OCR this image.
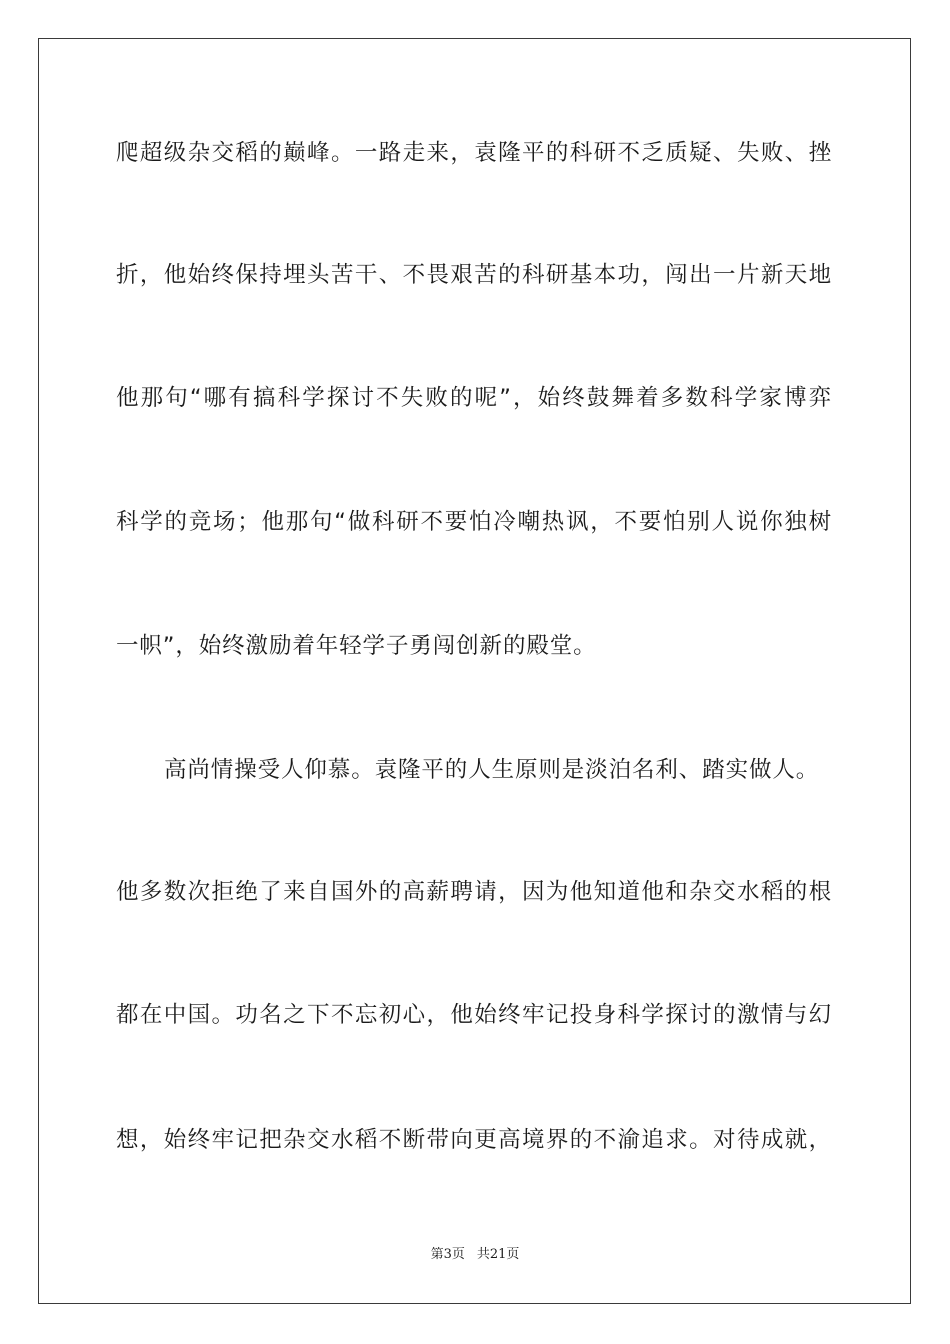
爬超级杂交稻的巅峰。一路走来，袁隆平的科研不乏质疑、失败、挫
折，他始终保持埋头苦干、不畏艰苦的科研基本功，闯出一片新天地
他那句“哪有搞科学探讨不失败的呢”，始终鼓舞着多数科学家博弈
科学的竞场；他那句“做科研不要怕冷嘲热讽，不要怕别人说你独树
一帜”，始终激励着年轻学子勇闯创新的殿堂。
高尚情操受人仰慕。袁隆平的人生原则是淡泊名利、踏实做人。
他多数次拒绝了来自国外的高薪聘请，因为他知道他和杂交水稻的根
都在中国。功名之下不忘初心，他始终牢记投身科学探讨的激情与幻
想，始终牢记把杂交水稻不断带向更高境界的不渝追求。对待成就，
第3页 共21页
